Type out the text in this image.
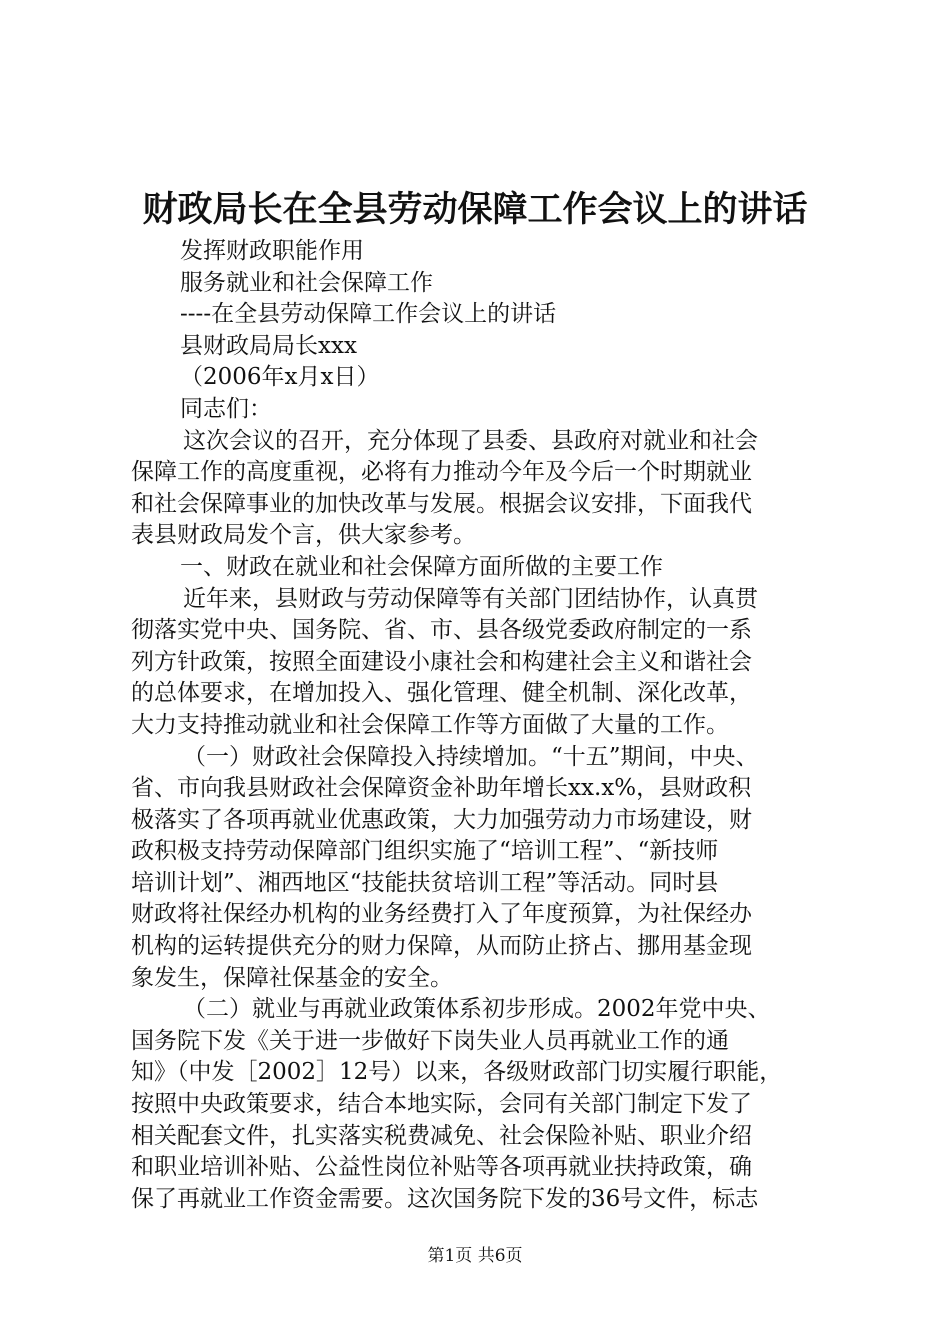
财政局长在全县劳动保障工作会议上的讲话
发挥财政职能作用
服务就业和社会保障工作
----在全县劳动保障工作会议上的讲话
县财政局局长xxx
（2006年x月x日）
同志们：
这次会议的召开，充分体现了县委、县政府对就业和社会
保障工作的高度重视，必将有力推动今年及今后一个时期就业
和社会保障事业的加快改革与发展。根据会议安排，下面我代
表县财政局发个言，供大家参考。
一、财政在就业和社会保障方面所做的主要工作
近年来，县财政与劳动保障等有关部门团结协作，认真贯
彻落实党中央、国务院、省、市、县各级党委政府制定的一系
列方针政策，按照全面建设小康社会和构建社会主义和谐社会
的总体要求，在增加投入、强化管理、健全机制、深化改革，
大力支持推动就业和社会保障工作等方面做了大量的工作。
（一）财政社会保障投入持续增加。“十五”期间，中央、
省、市向我县财政社会保障资金补助年增长xx.x%，县财政积
极落实了各项再就业优惠政策，大力加强劳动力市场建设，财
政积极支持劳动保障部门组织实施了“培训工程”、“新技师
培训计划”、湘西地区“技能扶贫培训工程”等活动。同时县
财政将社保经办机构的业务经费打入了年度预算，为社保经办
机构的运转提供充分的财力保障，从而防止挤占、挪用基金现
象发生，保障社保基金的安全。
（二）就业与再就业政策体系初步形成。2002年党中央、
国务院下发《关于进一步做好下岗失业人员再就业工作的通
知》（中发［2002］12号）以来，各级财政部门切实履行职能，
按照中央政策要求，结合本地实际，会同有关部门制定下发了
相关配套文件，扎实落实税费减免、社会保险补贴、职业介绍
和职业培训补贴、公益性岗位补贴等各项再就业扶持政策，确
保了再就业工作资金需要。这次国务院下发的36号文件，标志
第1页 共6页
